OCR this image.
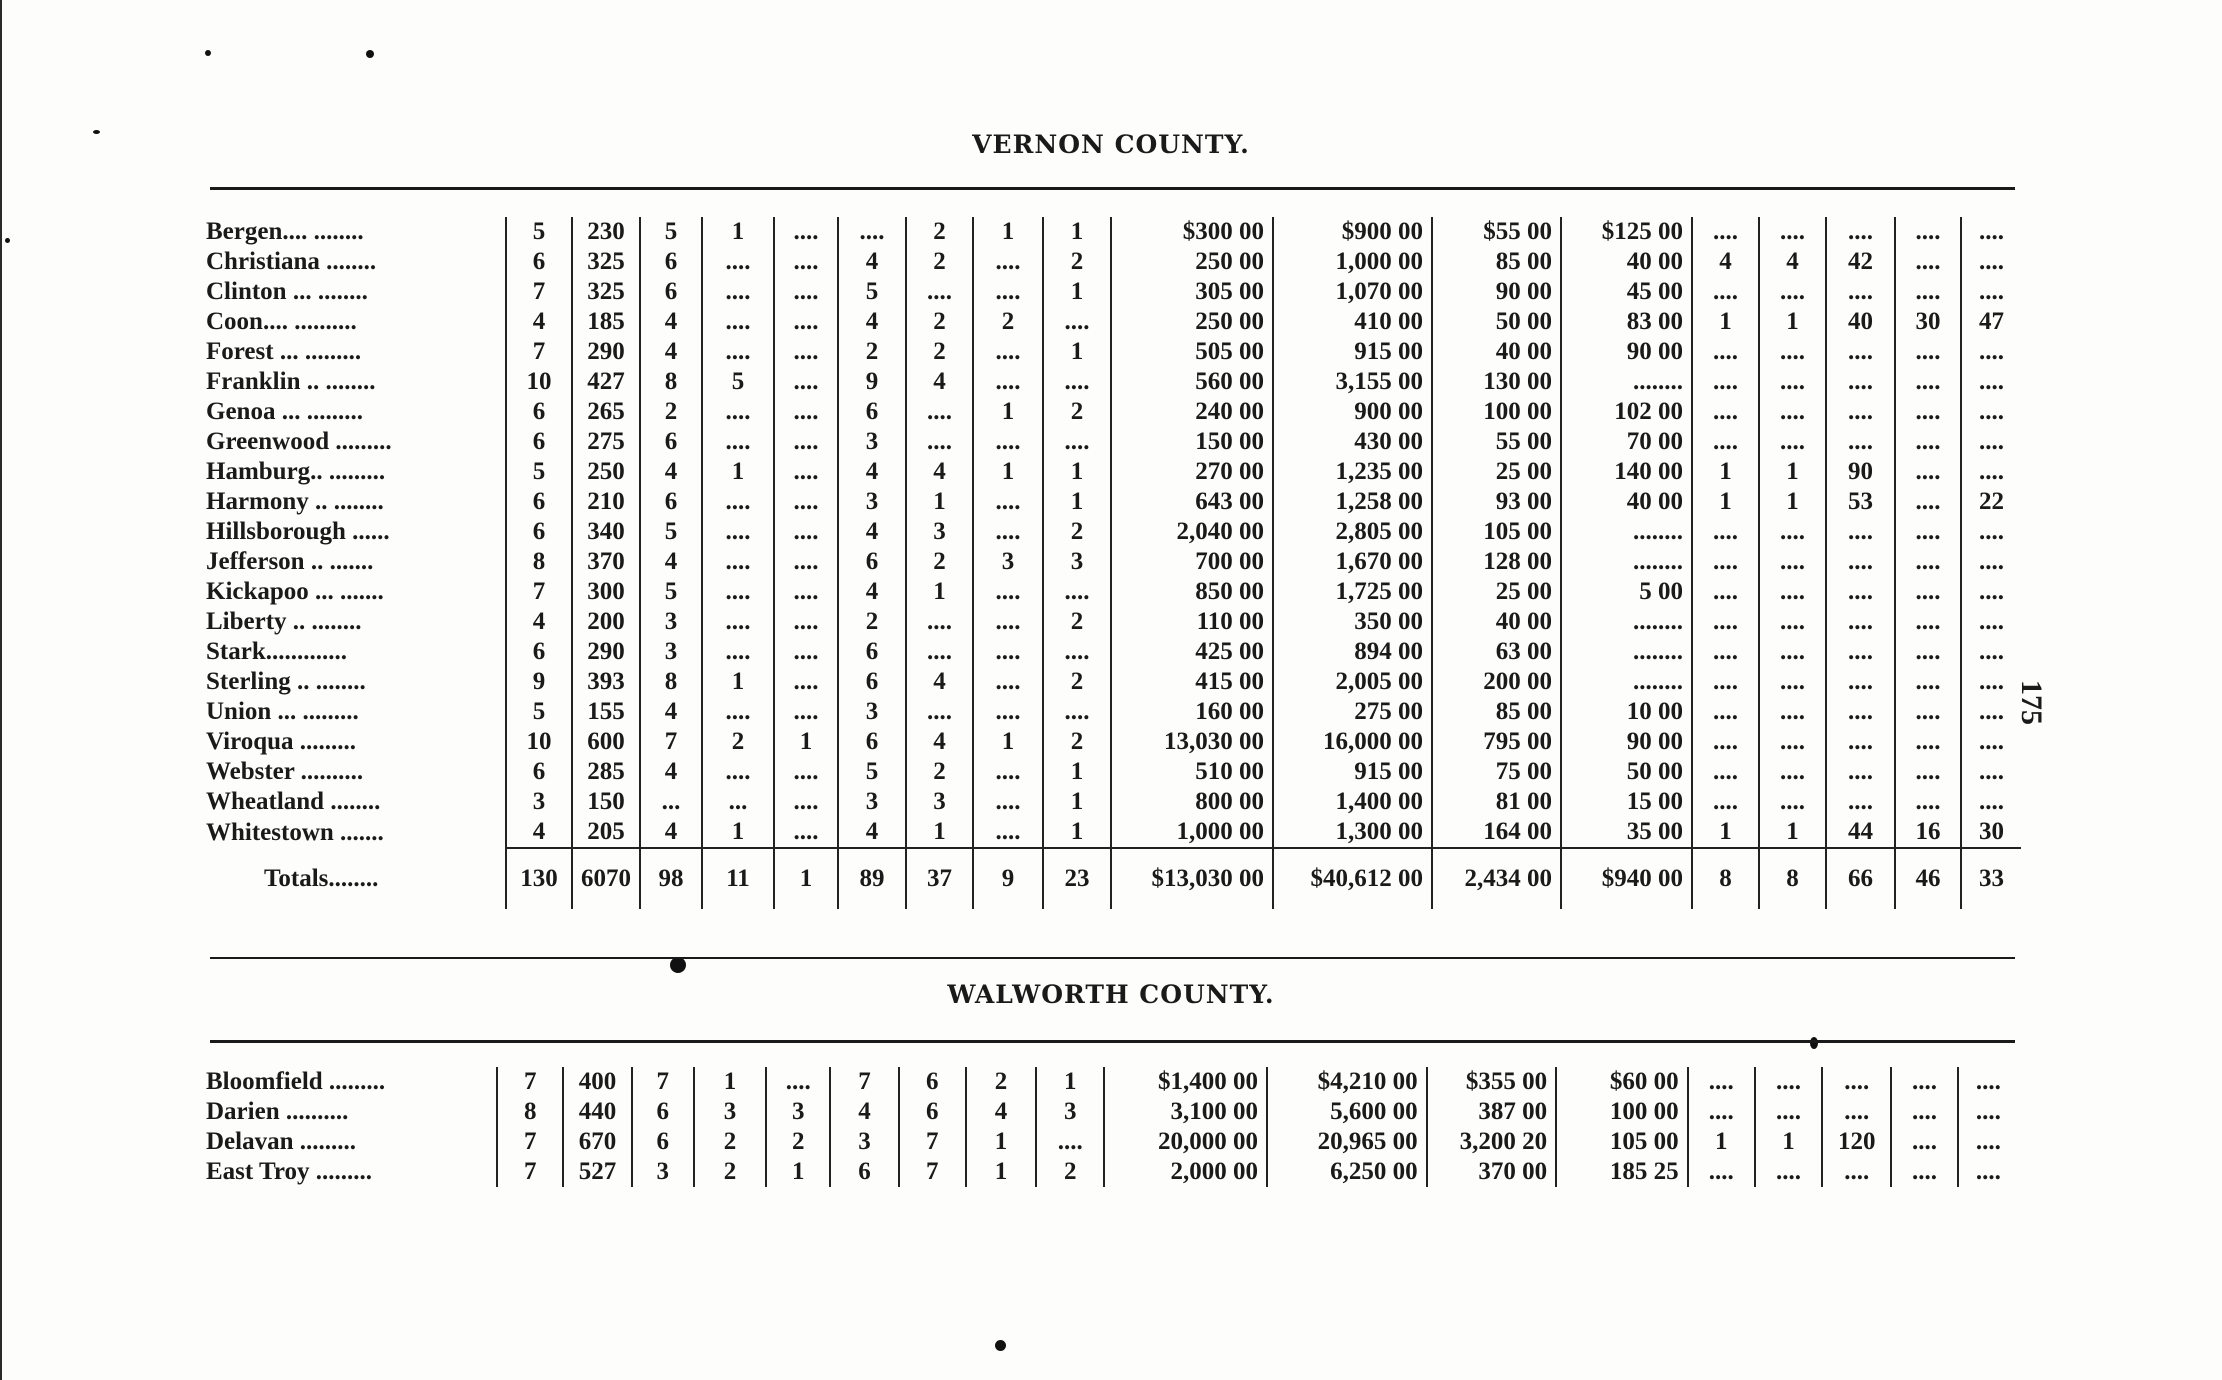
VERNON COUNTY.
Bergen.... ........	5	230	5	1	....	....	2	1	1	$300 00	$900 00	$55 00	$125 00	....	....	....	....	....
Christiana ........	6	325	6	....	....	4	2	....	2	250 00	1,000 00	85 00	40 00	4	4	42	....	....
Clinton ... ........	7	325	6	....	....	5	....	....	1	305 00	1,070 00	90 00	45 00	....	....	....	....	....
Coon.... ..........	4	185	4	....	....	4	2	2	....	250 00	410 00	50 00	83 00	1	1	40	30	47
Forest ... .........	7	290	4	....	....	2	2	....	1	505 00	915 00	40 00	90 00	....	....	....	....	....
Franklin .. ........	10	427	8	5	....	9	4	....	....	560 00	3,155 00	130 00	........	....	....	....	....	....
Genoa ... .........	6	265	2	....	....	6	....	1	2	240 00	900 00	100 00	102 00	....	....	....	....	....
Greenwood .........	6	275	6	....	....	3	....	....	....	150 00	430 00	55 00	70 00	....	....	....	....	....
Hamburg.. .........	5	250	4	1	....	4	4	1	1	270 00	1,235 00	25 00	140 00	1	1	90	....	....
Harmony .. ........	6	210	6	....	....	3	1	....	1	643 00	1,258 00	93 00	40 00	1	1	53	....	22
Hillsborough ......	6	340	5	....	....	4	3	....	2	2,040 00	2,805 00	105 00	........	....	....	....	....	....
Jefferson .. .......	8	370	4	....	....	6	2	3	3	700 00	1,670 00	128 00	........	....	....	....	....	....
Kickapoo ... .......	7	300	5	....	....	4	1	....	....	850 00	1,725 00	25 00	5 00	....	....	....	....	....
Liberty .. ........	4	200	3	....	....	2	....	....	2	110 00	350 00	40 00	........	....	....	....	....	....
Stark.............	6	290	3	....	....	6	....	....	....	425 00	894 00	63 00	........	....	....	....	....	....
Sterling .. ........	9	393	8	1	....	6	4	....	2	415 00	2,005 00	200 00	........	....	....	....	....	....
Union ... .........	5	155	4	....	....	3	....	....	....	160 00	275 00	85 00	10 00	....	....	....	....	....
Viroqua .........	10	600	7	2	1	6	4	1	2	13,030 00	16,000 00	795 00	90 00	....	....	....	....	....
Webster ..........	6	285	4	....	....	5	2	....	1	510 00	915 00	75 00	50 00	....	....	....	....	....
Wheatland ........	3	150	...	...	....	3	3	....	1	800 00	1,400 00	81 00	15 00	....	....	....	....	....
Whitestown .......	4	205	4	1	....	4	1	....	1	1,000 00	1,300 00	164 00	35 00	1	1	44	16	30
Totals........	130	6070	98	11	1	89	37	9	23	$13,030 00	$40,612 00	2,434 00	$940 00	8	8	66	46	33
WALWORTH COUNTY.
Bloomfield .........	7	400	7	1	....	7	6	2	1	$1,400 00	$4,210 00	$355 00	$60 00	....	....	....	....	....
Darien ..........	8	440	6	3	3	4	6	4	3	3,100 00	5,600 00	387 00	100 00	....	....	....	....	....
Delavan .........	7	670	6	2	2	3	7	1	....	20,000 00	20,965 00	3,200 20	105 00	1	1	120	....	....
East Troy .........	7	527	3	2	1	6	7	1	2	2,000 00	6,250 00	370 00	185 25	....	....	....	....	....
175
